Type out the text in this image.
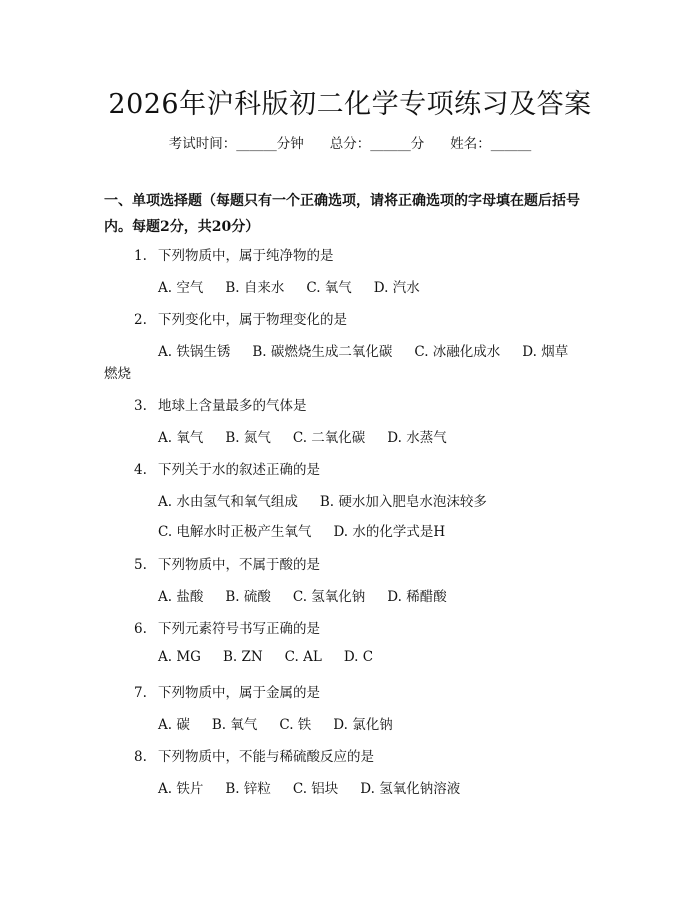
2026年沪科版初二化学专项练习及答案
考试时间：______分钟 总分：______分 姓名：______
一、单项选择题（每题只有一个正确选项，请将正确选项的字母填在题后括号内。每题2分，共20分）
1. 下列物质中，属于纯净物的是
A. 空气 B. 自来水 C. 氧气 D. 汽水
2. 下列变化中，属于物理变化的是
A. 铁锅生锈 B. 碳燃烧生成二氧化碳 C. 冰融化成水 D. 烟草
燃烧
3. 地球上含量最多的气体是
A. 氧气 B. 氮气 C. 二氧化碳 D. 水蒸气
4. 下列关于水的叙述正确的是
A. 水由氢气和氧气组成 B. 硬水加入肥皂水泡沫较多
C. 电解水时正极产生氧气 D. 水的化学式是H
5. 下列物质中，不属于酸的是
A. 盐酸 B. 硫酸 C. 氢氧化钠 D. 稀醋酸
6. 下列元素符号书写正确的是
A. MG B. ZN C. AL D. C
7. 下列物质中，属于金属的是
A. 碳 B. 氧气 C. 铁 D. 氯化钠
8. 下列物质中，不能与稀硫酸反应的是
A. 铁片 B. 锌粒 C. 铝块 D. 氢氧化钠溶液
